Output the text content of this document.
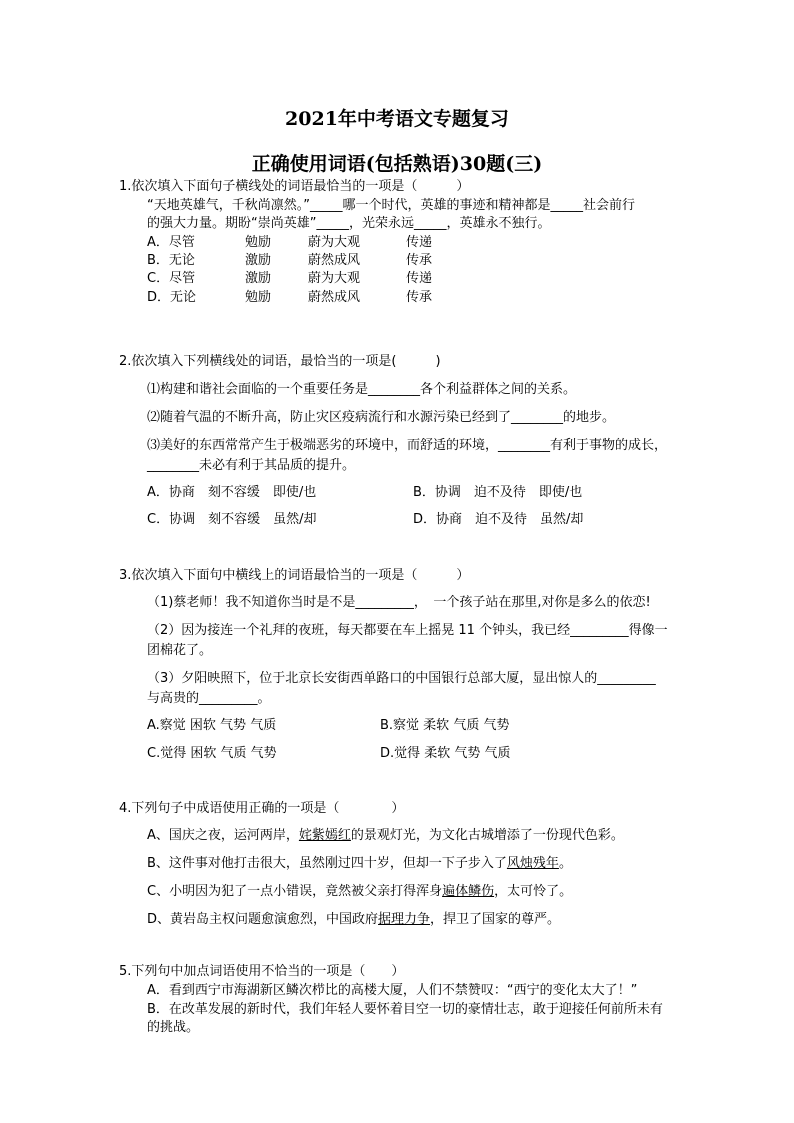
2021年中考语文专题复习
正确使用词语(包括熟语)30题(三)
1.依次填入下面句子横线处的词语最恰当的一项是（　　　）
“天地英雄气，千秋尚凛然。”_____哪一个时代，英雄的事迹和精神都是_____社会前行
的强大力量。期盼“崇尚英雄”_____，光荣永远_____，英雄永不独行。
A．尽管	勉励	蔚为大观	传递
B．无论	激励	蔚然成风	传承
C．尽管	激励	蔚为大观	传递
D．无论	勉励	蔚然成风	传承
2.依次填入下列横线处的词语，最恰当的一项是(　　　)
⑴构建和谐社会面临的一个重要任务是________各个利益群体之间的关系。
⑵随着气温的不断升高，防止灾区疫病流行和水源污染已经到了________的地步。
⑶美好的东西常常产生于极端恶劣的环境中，而舒适的环境，________有利于事物的成长，
________未必有利于其品质的提升。
A．协商　刻不容缓　即使/也	B．协调　迫不及待　即使/也
C．协调　刻不容缓　虽然/却	D．协商　迫不及待　虽然/却
3.依次填入下面句中横线上的词语最恰当的一项是（　　　）
（1)蔡老师！我不知道你当时是不是_________，　一个孩子站在那里,对你是多么的依恋!
（2）因为接连一个礼拜的夜班，每天都要在车上摇晃 11 个钟头，我已经_________得像一
团棉花了。
（3）夕阳映照下，位于北京长安街西单路口的中国银行总部大厦，显出惊人的_________
与高贵的_________。
A.察觉 困软 气势 气质	B.察觉 柔软 气质 气势
C.觉得 困软 气质 气势	D.觉得 柔软 气势 气质
4.下列句子中成语使用正确的一项是（　　　　）
A、国庆之夜，运河两岸，姹紫嫣红的景观灯光，为文化古城增添了一份现代色彩。
B、这件事对他打击很大，虽然刚过四十岁，但却一下子步入了风烛残年。
C、小明因为犯了一点小错误，竟然被父亲打得浑身遍体鳞伤，太可怜了。
D、黄岩岛主权问题愈演愈烈，中国政府据理力争，捍卫了国家的尊严。
5.下列句中加点词语使用不恰当的一项是（　　）
A．看到西宁市海湖新区鳞次栉比的高楼大厦，人们不禁赞叹：“西宁的变化太大了！”
B．在改革发展的新时代，我们年轻人要怀着目空一切的豪情壮志，敢于迎接任何前所未有
的挑战。
